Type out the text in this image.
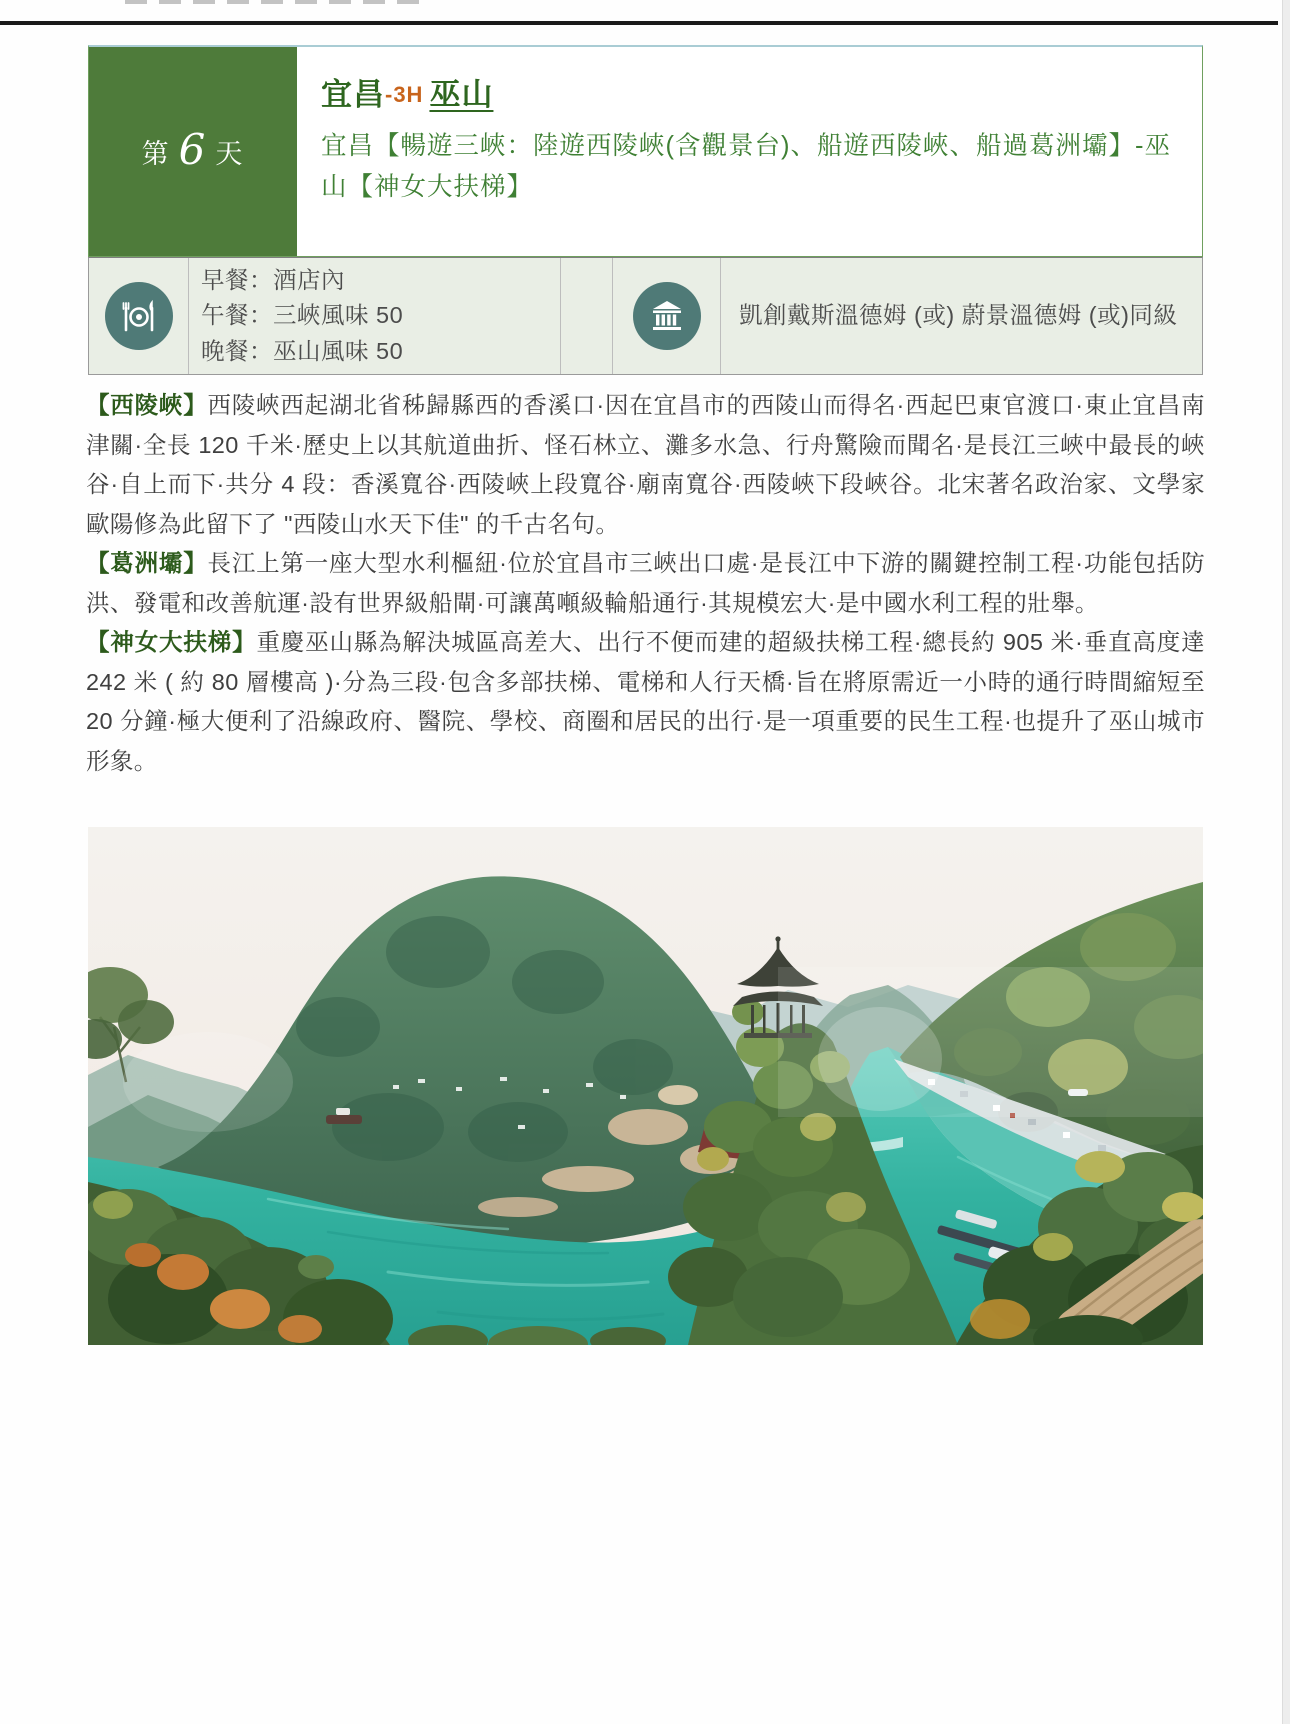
第 6 天
宜昌-3H 巫山
宜昌【暢遊三峽：陸遊西陵峽(含觀景台)、船遊西陵峽、船過葛洲壩】-巫山【神女大扶梯】
早餐：酒店內
午餐：三峽風味 50
晚餐：巫山風味 50
凱創戴斯溫德姆 (或) 蔚景溫德姆 (或)同級

【西陵峽】西陵峽西起湖北省秭歸縣西的香溪口·因在宜昌市的西陵山而得名·西起巴東官渡口·東止宜昌南津關·全長 120 千米·歷史上以其航道曲折、怪石林立、灘多水急、行舟驚險而聞名·是長江三峽中最長的峽谷·自上而下·共分 4 段：香溪寬谷·西陵峽上段寬谷·廟南寬谷·西陵峽下段峽谷。北宋著名政治家、文學家歐陽修為此留下了 "西陵山水天下佳" 的千古名句。

【葛洲壩】長江上第一座大型水利樞紐·位於宜昌市三峽出口處·是長江中下游的關鍵控制工程·功能包括防洪、發電和改善航運·設有世界級船閘·可讓萬噸級輪船通行·其規模宏大·是中國水利工程的壯舉。

【神女大扶梯】重慶巫山縣為解決城區高差大、出行不便而建的超級扶梯工程·總長約 905 米·垂直高度達 242 米 ( 約 80 層樓高 )·分為三段·包含多部扶梯、電梯和人行天橋·旨在將原需近一小時的通行時間縮短至 20 分鐘·極大便利了沿線政府、醫院、學校、商圈和居民的出行·是一項重要的民生工程·也提升了巫山城市形象。
